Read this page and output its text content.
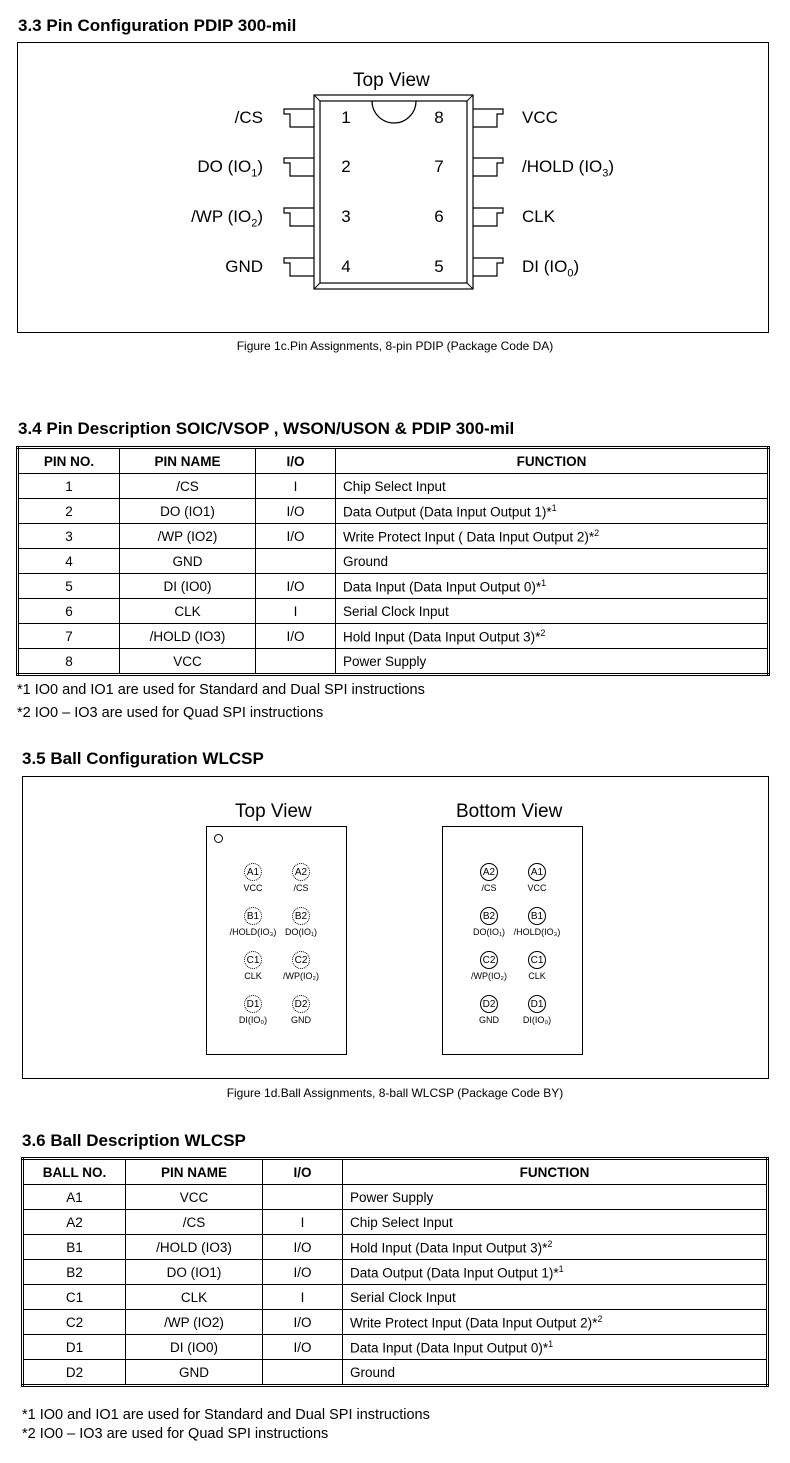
3.3 Pin Configuration PDIP 300-mil
Top View
/CS	1
DO $(IO_1)$	2
/WP $(IO_2)$	3
GND	4
VCC
8
/HOLD $(IO_3)$
7
CLK
6
DI $(IO_0)$
5
Figure 1c.Pin Assignments, 8-pin PDIP (Package Code DA)
3.4 Pin Description SOIC/VSOP , WSON/USON & PDIP 300-mil
PIN NO.	PIN NAME	I/O	FUNCTION
1	/CS	I	Chip Select Input
2	DO (IO1)	I/O	Data Output (Data Input Output 1)*$^1$
3	/WP (IO2)	I/O	Write Protect Input ( Data Input Output 2)*$^2$
4	GND		Ground
5	DI (IO0)	I/O	Data Input (Data Input Output 0)*$^1$
6	CLK	I	Serial Clock Input
7	/HOLD (IO3)	I/O	Hold Input (Data Input Output 3)*$^2$
8	VCC		Power Supply
*1 IO0 and IO1 are used for Standard and Dual SPI instructions
*2 IO0 – IO3 are used for Quad SPI instructions
3.5 Ball Configuration WLCSP
Top View	Bottom View
A1
VCC
A2
/CS
B1
/HOLD(IO₃)
B2
DO(IO₁)
C1
CLK
C2
/WP(IO₂)
D1
DI(IO₀)
D2
GND
A2
/CS
A1
VCC
B2
DO(IO₁)
B1
/HOLD(IO₃)
C2
/WP(IO₂)
C1
CLK
D2
GND
D1
DI(IO₀)
Figure 1d.Ball Assignments, 8-ball WLCSP (Package Code BY)
3.6 Ball Description WLCSP
BALL NO.	PIN NAME	I/O	FUNCTION
A1	VCC		Power Supply
A2	/CS	I	Chip Select Input
B1	/HOLD (IO3)	I/O	Hold Input (Data Input Output 3)*$^2$
B2	DO (IO1)	I/O	Data Output (Data Input Output 1)*$^1$
C1	CLK	I	Serial Clock Input
C2	/WP (IO2)	I/O	Write Protect Input (Data Input Output 2)*$^2$
D1	DI (IO0)	I/O	Data Input (Data Input Output 0)*$^1$
D2	GND		Ground
*1 IO0 and IO1 are used for Standard and Dual SPI instructions
*2 IO0 – IO3 are used for Quad SPI instructions
